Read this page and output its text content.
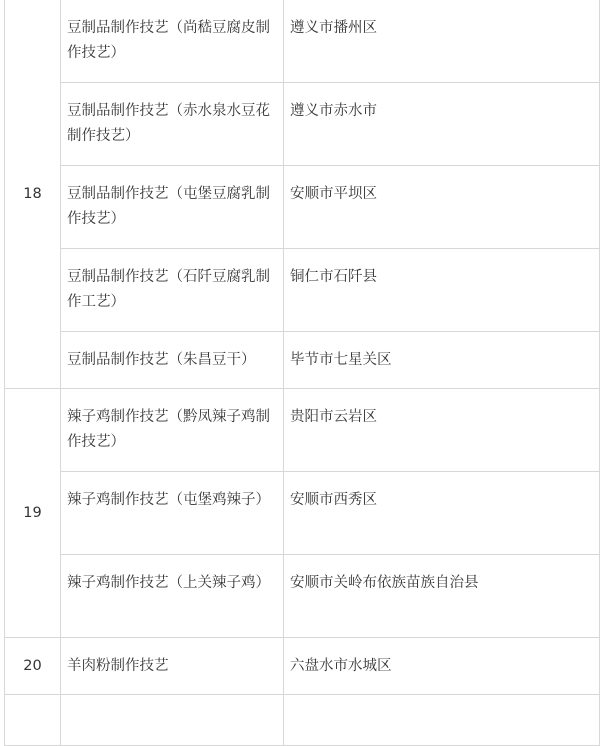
18	豆制品制作技艺（尚嵇豆腐皮制作技艺）	遵义市播州区

	豆制品制作技艺（赤水泉水豆花制作技艺）	遵义市赤水市

	豆制品制作技艺（屯堡豆腐乳制作技艺）	安顺市平坝区

	豆制品制作技艺（石阡豆腐乳制作工艺）	铜仁市石阡县

	豆制品制作技艺（朱昌豆干）	毕节市七星关区

19	辣子鸡制作技艺（黔凤辣子鸡制作技艺）	贵阳市云岩区

	辣子鸡制作技艺（屯堡鸡辣子）	安顺市西秀区

	辣子鸡制作技艺（上关辣子鸡）	安顺市关岭布依族苗族自治县

20	羊肉粉制作技艺	六盘水市水城区
